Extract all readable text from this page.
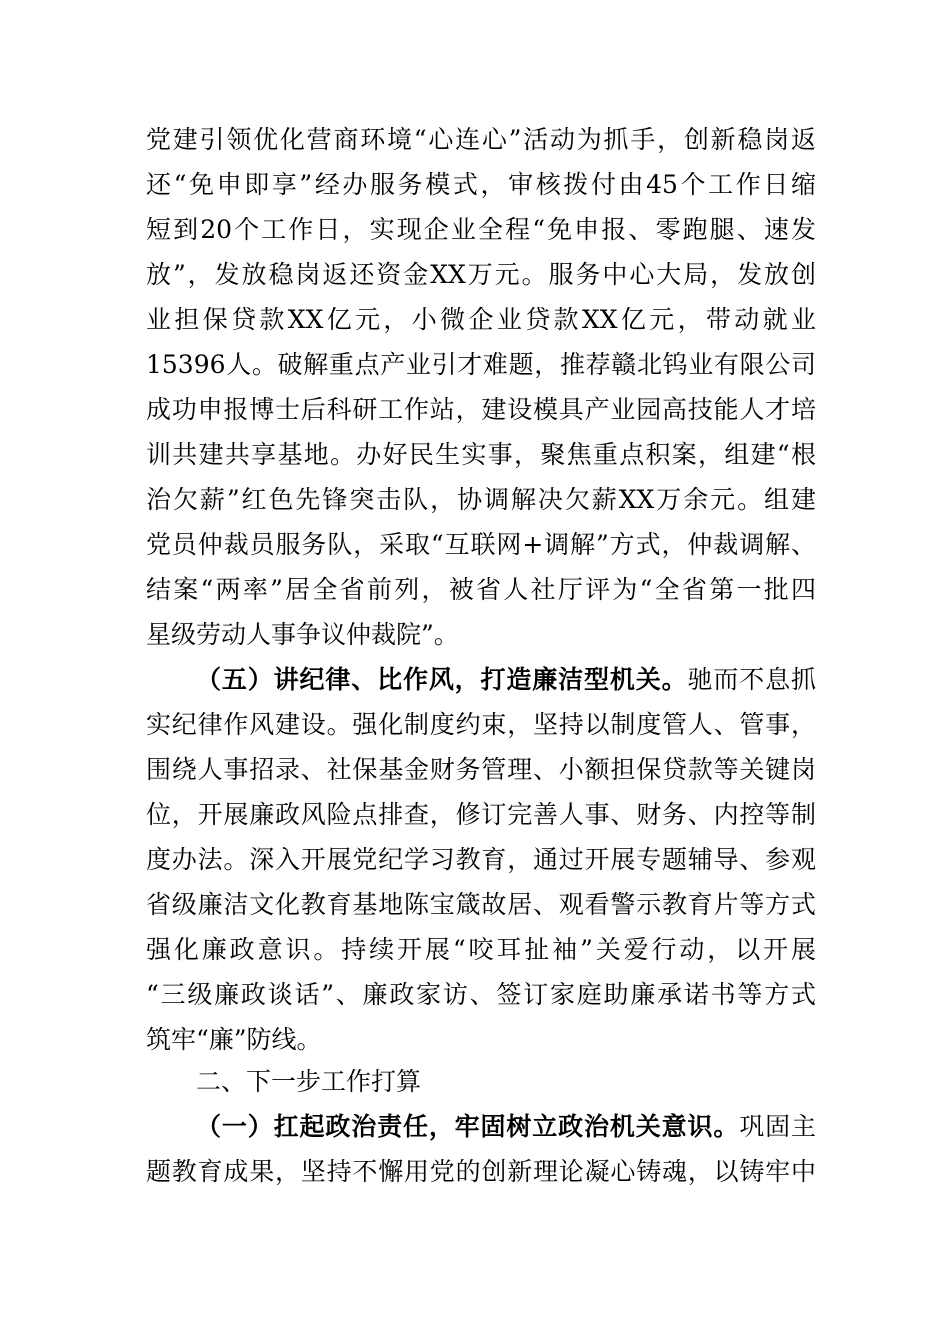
党建引领优化营商环境“心连心”活动为抓手，创新稳岗返
还“免申即享”经办服务模式，审核拨付由45个工作日缩
短到20个工作日，实现企业全程“免申报、零跑腿、速发
放”，发放稳岗返还资金XX万元。服务中心大局，发放创
业担保贷款XX亿元，小微企业贷款XX亿元，带动就业
15396人。破解重点产业引才难题，推荐赣北钨业有限公司
成功申报博士后科研工作站，建设模具产业园高技能人才培
训共建共享基地。办好民生实事，聚焦重点积案，组建“根
治欠薪”红色先锋突击队，协调解决欠薪XX万余元。组建
党员仲裁员服务队，采取“互联网+调解”方式，仲裁调解、
结案“两率”居全省前列，被省人社厅评为“全省第一批四
星级劳动人事争议仲裁院”。
（五）讲纪律、比作风，打造廉洁型机关。驰而不息抓
实纪律作风建设。强化制度约束，坚持以制度管人、管事，
围绕人事招录、社保基金财务管理、小额担保贷款等关键岗
位，开展廉政风险点排查，修订完善人事、财务、内控等制
度办法。深入开展党纪学习教育，通过开展专题辅导、参观
省级廉洁文化教育基地陈宝箴故居、观看警示教育片等方式
强化廉政意识。持续开展“咬耳扯袖”关爱行动，以开展
“三级廉政谈话”、廉政家访、签订家庭助廉承诺书等方式
筑牢“廉”防线。
二、下一步工作打算
（一）扛起政治责任，牢固树立政治机关意识。巩固主
题教育成果，坚持不懈用党的创新理论凝心铸魂，以铸牢中
